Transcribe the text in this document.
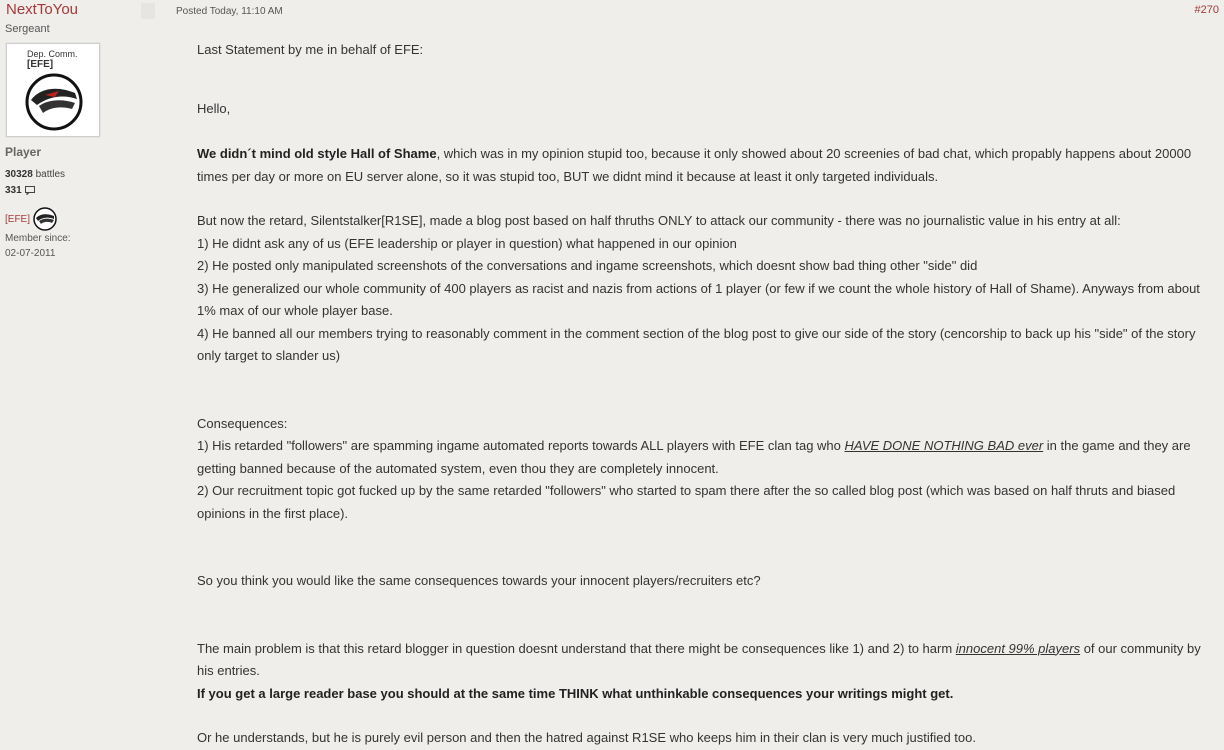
NextToYou
Sergeant
Dep. Comm.
[EFE]
Player
30328 battles
331
[EFE]
Member since:
02-07-2011
Posted Today, 11:10 AM	#270

Last Statement by me in behalf of EFE:

Hello,

We didn´t mind old style Hall of Shame, which was in my opinion stupid too, because it only showed about 20 screenies of bad chat, which propably happens about 20000 times per day or more on EU server alone, so it was stupid too, BUT we didnt mind it because at least it only targeted individuals.

But now the retard, Silentstalker[R1SE], made a blog post based on half thruths ONLY to attack our community - there was no journalistic value in his entry at all:

1) He didnt ask any of us (EFE leadership or player in question) what happened in our opinion

2) He posted only manipulated screenshots of the conversations and ingame screenshots, which doesnt show bad thing other "side" did

3) He generalized our whole community of 400 players as racist and nazis from actions of 1 player (or few if we count the whole history of Hall of Shame). Anyways from about 1% max of our whole player base.

4) He banned all our members trying to reasonably comment in the comment section of the blog post to give our side of the story (cencorship to back up his "side" of the story only target to slander us)

Consequences:

1) His retarded "followers" are spamming ingame automated reports towards ALL players with EFE clan tag who HAVE DONE NOTHING BAD ever in the game and they are getting banned because of the automated system, even thou they are completely innocent.

2) Our recruitment topic got fucked up by the same retarded "followers" who started to spam there after the so called blog post (which was based on half thruts and biased opinions in the first place).

So you think you would like the same consequences towards your innocent players/recruiters etc?

The main problem is that this retard blogger in question doesnt understand that there might be consequences like 1) and 2) to harm innocent 99% players of our community by his entries.

If you get a large reader base you should at the same time THINK what unthinkable consequences your writings might get.

Or he understands, but he is purely evil person and then the hatred against R1SE who keeps him in their clan is very much justified too.
